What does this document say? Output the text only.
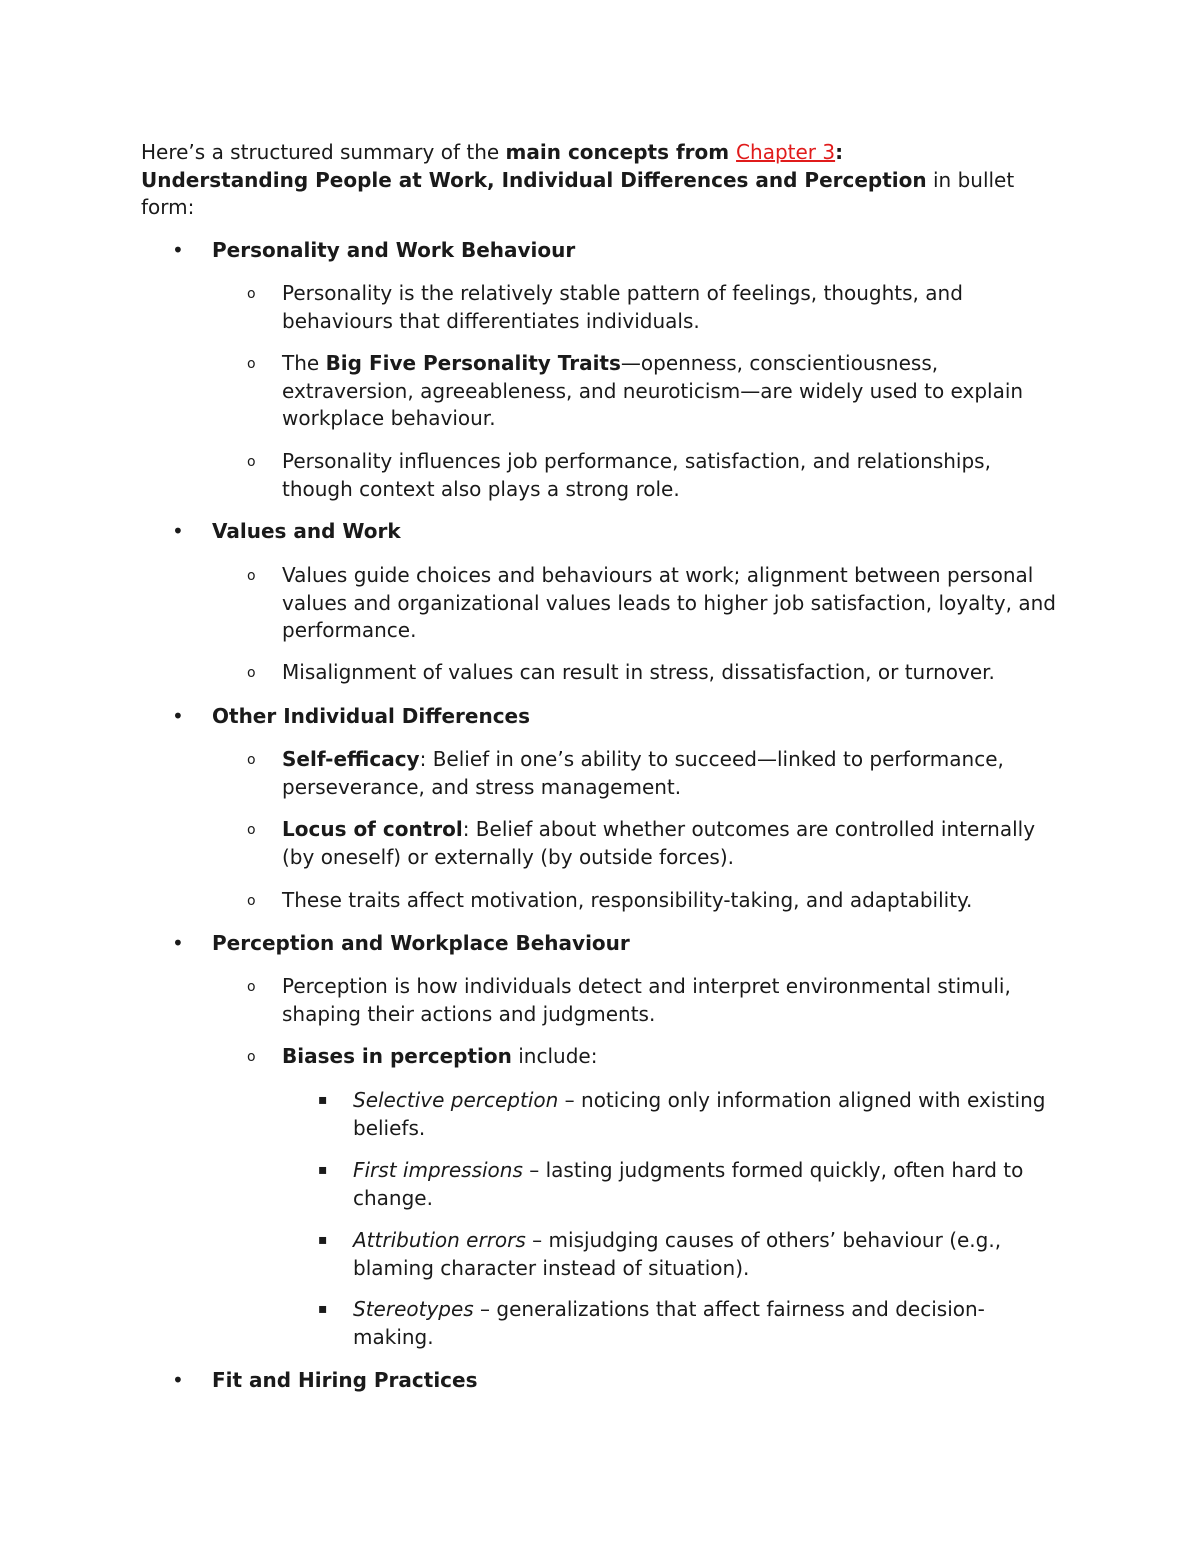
Here’s a structured summary of the main concepts from Chapter 3:
Understanding People at Work, Individual Differences and Perception in bullet form:

•	Personality and Work Behaviour
o Personality is the relatively stable pattern of feelings, thoughts, and behaviours that differentiates individuals.
o The Big Five Personality Traits—openness, conscientiousness, extraversion, agreeableness, and neuroticism—are widely used to explain workplace behaviour.
o Personality influences job performance, satisfaction, and relationships, though context also plays a strong role.
•	Values and Work
o Values guide choices and behaviours at work; alignment between personal values and organizational values leads to higher job satisfaction, loyalty, and performance.
o Misalignment of values can result in stress, dissatisfaction, or turnover.
•	Other Individual Differences
o Self-efficacy: Belief in one’s ability to succeed—linked to performance, perseverance, and stress management.
o Locus of control: Belief about whether outcomes are controlled internally (by oneself) or externally (by outside forces).
o These traits affect motivation, responsibility-taking, and adaptability.
•	Perception and Workplace Behaviour
o Perception is how individuals detect and interpret environmental stimuli, shaping their actions and judgments.
o Biases in perception include:
▪ Selective perception – noticing only information aligned with existing beliefs.
▪ First impressions – lasting judgments formed quickly, often hard to change.
▪ Attribution errors – misjudging causes of others’ behaviour (e.g., blaming character instead of situation).
▪ Stereotypes – generalizations that affect fairness and decision-making.
•	Fit and Hiring Practices
